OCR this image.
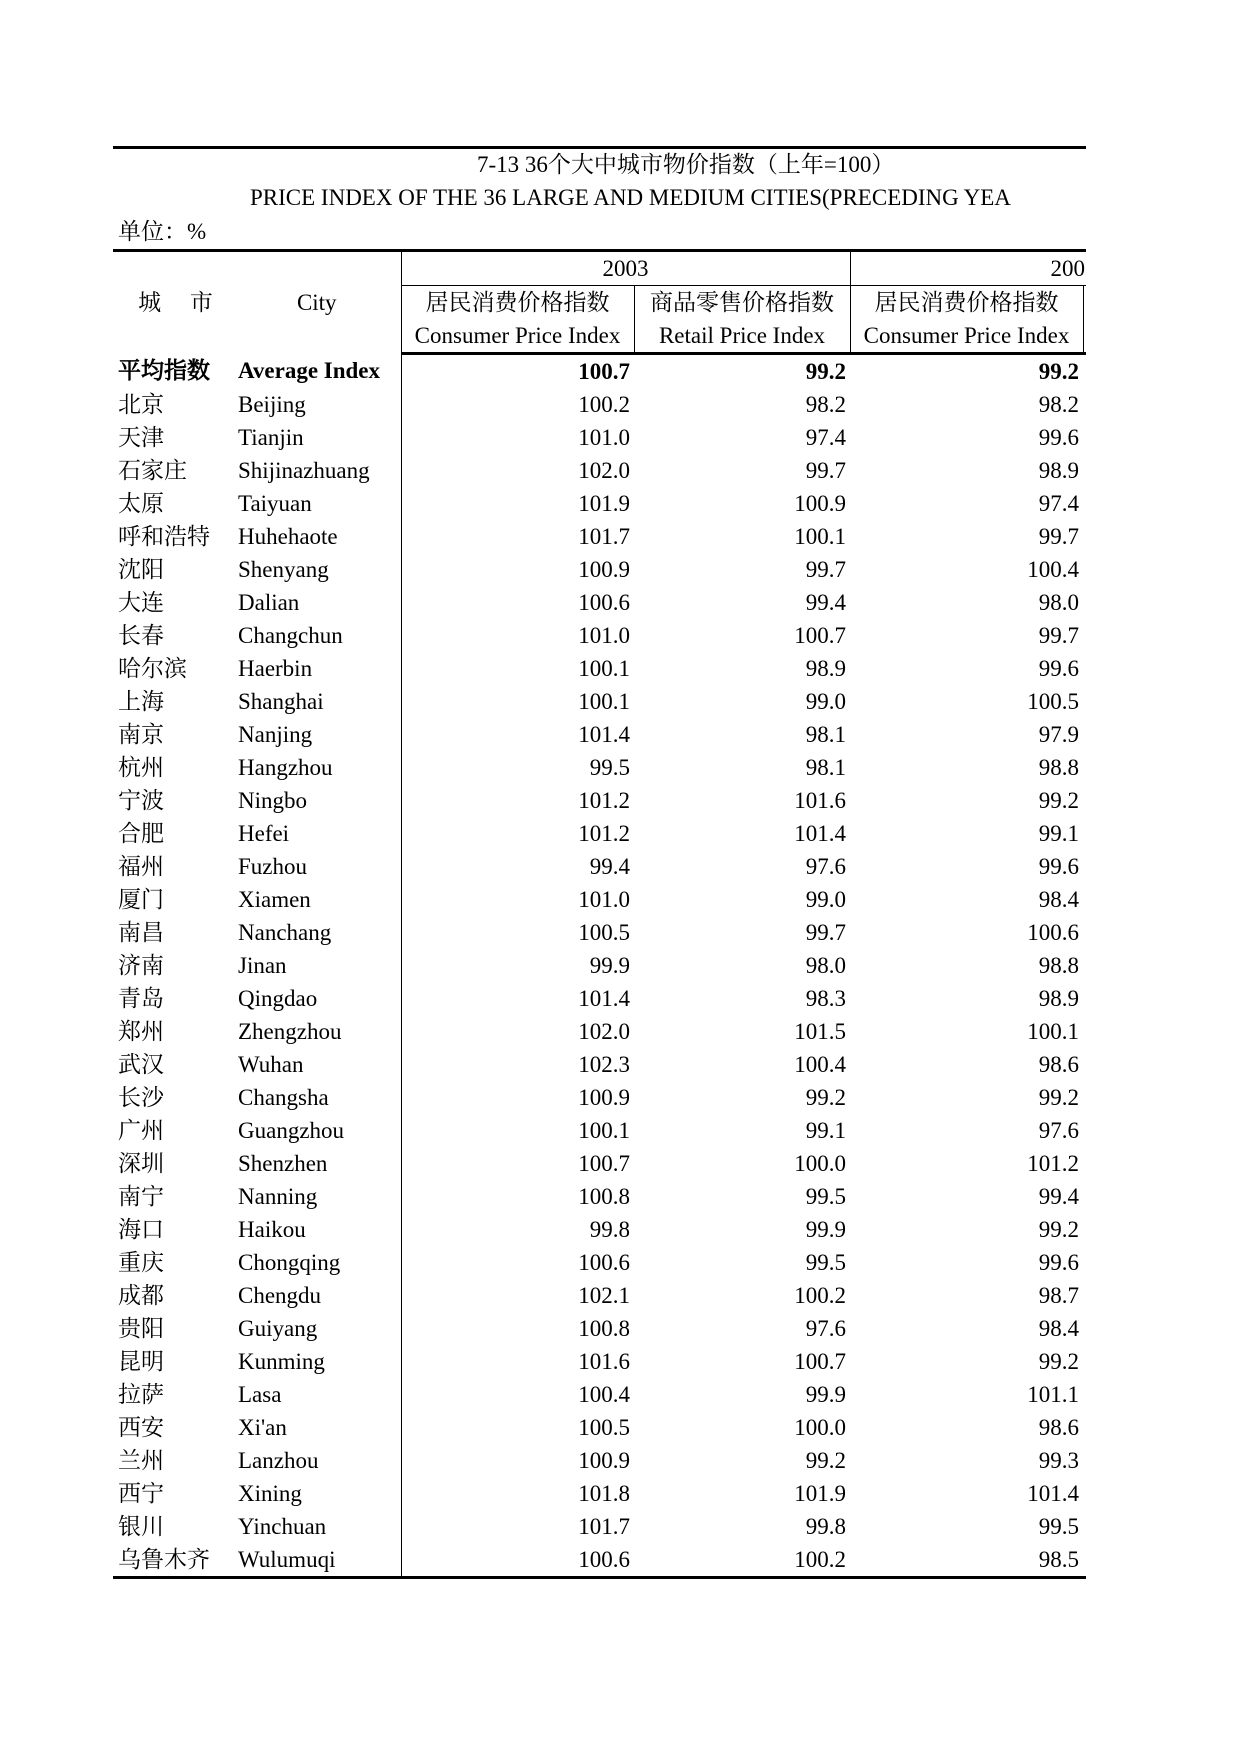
7-13 36个大中城市物价指数（上年=100）
PRICE INDEX OF THE 36 LARGE AND MEDIUM CITIES(PRECEDING YEA
单位：%
城　 市	City	2003		200	
		居民消费价格指数	商品零售价格指数	居民消费价格指数	
		Consumer Price Index	Retail Price Index	Consumer Price Index	
平均指数	Average Index	100.7	99.2	99.2	
北京	Beijing	100.2	98.2	98.2	
天津	Tianjin	101.0	97.4	99.6	
石家庄	Shijinazhuang	102.0	99.7	98.9	
太原	Taiyuan	101.9	100.9	97.4	
呼和浩特	Huhehaote	101.7	100.1	99.7	
沈阳	Shenyang	100.9	99.7	100.4	
大连	Dalian	100.6	99.4	98.0	
长春	Changchun	101.0	100.7	99.7	
哈尔滨	Haerbin	100.1	98.9	99.6	
上海	Shanghai	100.1	99.0	100.5	
南京	Nanjing	101.4	98.1	97.9	
杭州	Hangzhou	99.5	98.1	98.8	
宁波	Ningbo	101.2	101.6	99.2	
合肥	Hefei	101.2	101.4	99.1	
福州	Fuzhou	99.4	97.6	99.6	
厦门	Xiamen	101.0	99.0	98.4	
南昌	Nanchang	100.5	99.7	100.6	
济南	Jinan	99.9	98.0	98.8	
青岛	Qingdao	101.4	98.3	98.9	
郑州	Zhengzhou	102.0	101.5	100.1	
武汉	Wuhan	102.3	100.4	98.6	
长沙	Changsha	100.9	99.2	99.2	
广州	Guangzhou	100.1	99.1	97.6	
深圳	Shenzhen	100.7	100.0	101.2	
南宁	Nanning	100.8	99.5	99.4	
海口	Haikou	99.8	99.9	99.2	
重庆	Chongqing	100.6	99.5	99.6	
成都	Chengdu	102.1	100.2	98.7	
贵阳	Guiyang	100.8	97.6	98.4	
昆明	Kunming	101.6	100.7	99.2	
拉萨	Lasa	100.4	99.9	101.1	
西安	Xi'an	100.5	100.0	98.6	
兰州	Lanzhou	100.9	99.2	99.3	
西宁	Xining	101.8	101.9	101.4	
银川	Yinchuan	101.7	99.8	99.5	
乌鲁木齐	Wulumuqi	100.6	100.2	98.5	
